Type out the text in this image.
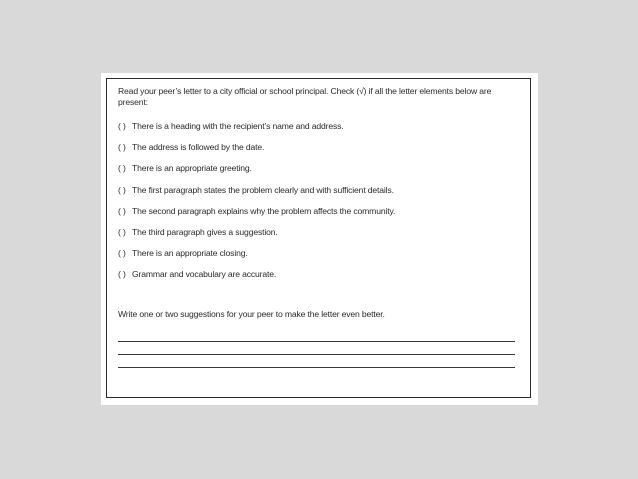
Read your peer’s letter to a city official or school principal. Check (√) if all the letter elements below are present:
( ) There is a heading with the recipient’s name and address.
( ) The address is followed by the date.
( ) There is an appropriate greeting.
( ) The first paragraph states the problem clearly and with sufficient details.
( ) The second paragraph explains why the problem affects the community.
( ) The third paragraph gives a suggestion.
( ) There is an appropriate closing.
( ) Grammar and vocabulary are accurate.
Write one or two suggestions for your peer to make the letter even better.
